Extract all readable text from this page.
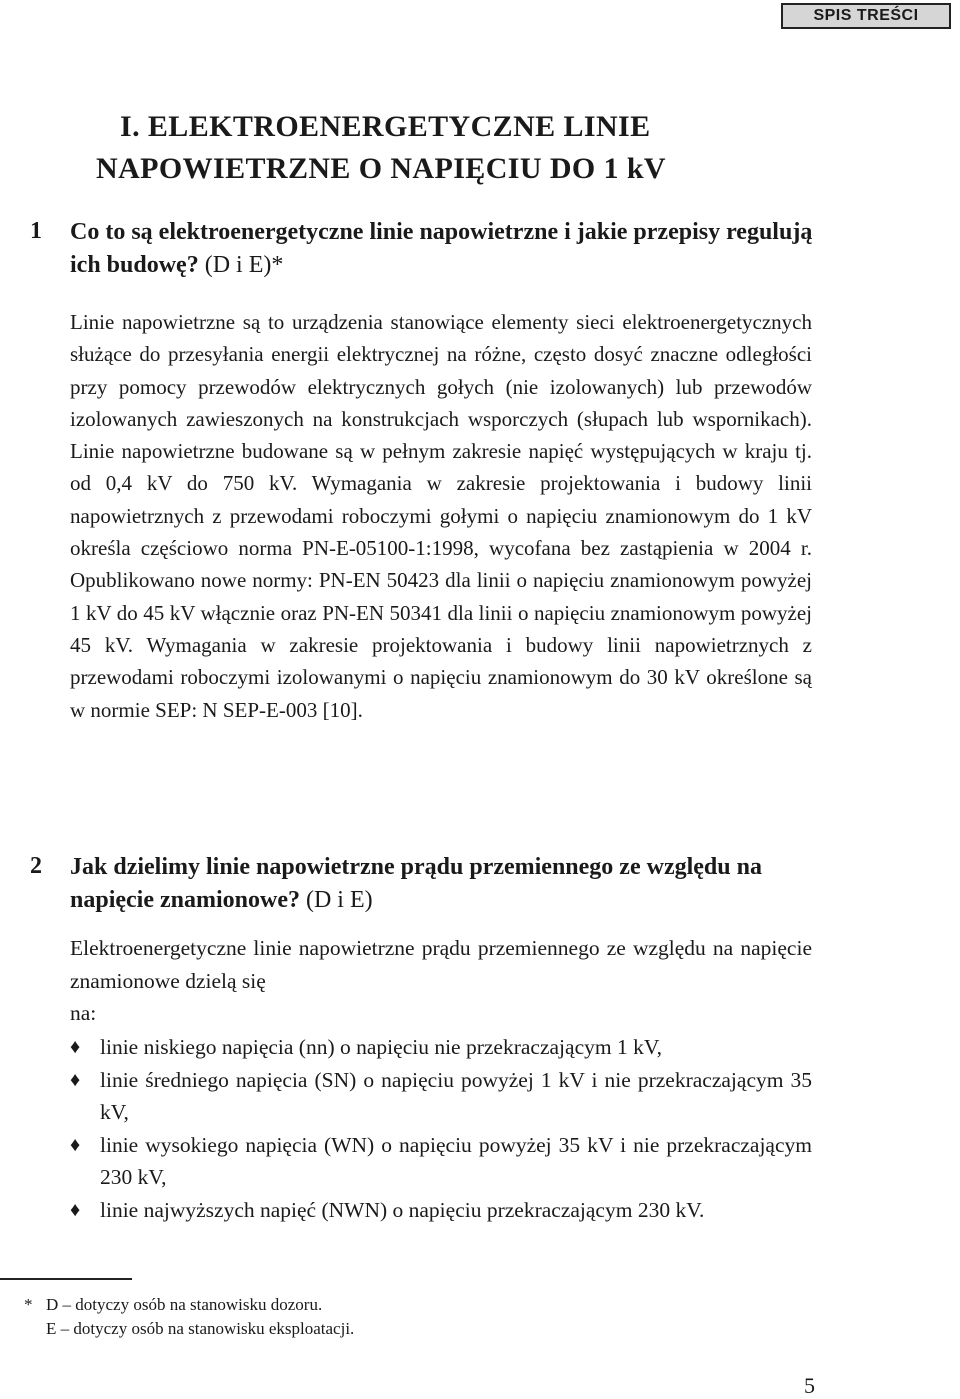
SPIS TREŚCI
I. ELEKTROENERGETYCZNE LINIE
NAPOWIETRZNE O NAPIĘCIU DO 1 kV
1 Co to są elektroenergetyczne linie napowietrzne i jakie przepisy regulują ich budowę? (D i E)*

Linie napowietrzne są to urządzenia stanowiące elementy sieci elektroenergetycznych służące do przesyłania energii elektrycznej na różne, często dosyć znaczne odległości przy pomocy przewodów elektrycznych gołych (nie izolowanych) lub przewodów izolowanych zawieszonych na konstrukcjach wsporczych (słupach lub wspornikach). Linie napowietrzne budowane są w pełnym zakresie napięć występujących w kraju tj. od 0,4 kV do 750 kV. Wymagania w zakresie projektowania i budowy linii napowietrznych z przewodami roboczymi gołymi o napięciu znamionowym do 1 kV określa częściowo norma PN-E-05100-1:1998, wycofana bez zastąpienia w 2004 r. Opublikowano nowe normy: PN-EN 50423 dla linii o napięciu znamionowym powyżej 1 kV do 45 kV włącznie oraz PN-EN 50341 dla linii o napięciu znamionowym powyżej 45 kV. Wymagania w zakresie projektowania i budowy linii napowietrznych z przewodami roboczymi izolowanymi o napięciu znamionowym do 30 kV określone są w normie SEP: N SEP-E-003 [10].

2 Jak dzielimy linie napowietrzne prądu przemiennego ze względu na napięcie znamionowe? (D i E)

Elektroenergetyczne linie napowietrzne prądu przemiennego ze względu na napięcie znamionowe dzielą się
na:

♦ linie niskiego napięcia (nn) o napięciu nie przekraczającym 1 kV,
♦ linie średniego napięcia (SN) o napięciu powyżej 1 kV i nie przekraczającym 35 kV,
♦ linie wysokiego napięcia (WN) o napięciu powyżej 35 kV i nie przekraczającym 230 kV,
♦ linie najwyższych napięć (NWN) o napięciu przekraczającym 230 kV.
* D – dotyczy osób na stanowisku dozoru.
E – dotyczy osób na stanowisku eksploatacji.
5
